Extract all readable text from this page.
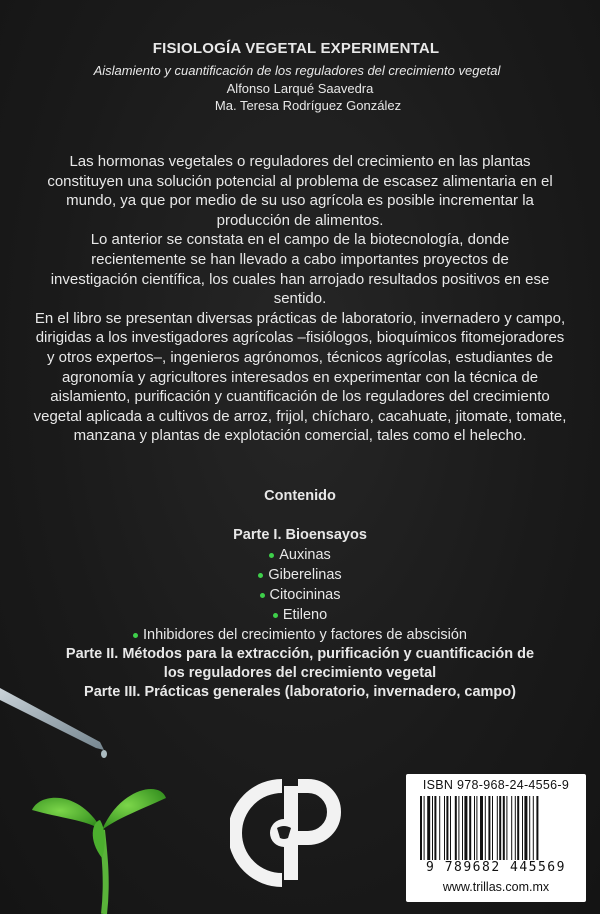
FISIOLOGÍA VEGETAL EXPERIMENTAL
Aislamiento y cuantificación de los reguladores del crecimiento vegetal
Alfonso Larqué Saavedra
Ma. Teresa Rodríguez González

Las hormonas vegetales o reguladores del crecimiento en las plantas constituyen una solución potencial al problema de escasez alimentaria en el mundo, ya que por medio de su uso agrícola es posible incrementar la producción de alimentos.

Lo anterior se constata en el campo de la biotecnología, donde recientemente se han llevado a cabo importantes proyectos de investigación científica, los cuales han arrojado resultados positivos en ese sentido.

En el libro se presentan diversas prácticas de laboratorio, invernadero y campo, dirigidas a los investigadores agrícolas –fisiólogos, bioquímicos fitomejoradores y otros expertos–, ingenieros agrónomos, técnicos agrícolas, estudiantes de agronomía y agricultores interesados en experimentar con la técnica de aislamiento, purificación y cuantificación de los reguladores del crecimiento vegetal aplicada a cultivos de arroz, frijol, chícharo, cacahuate, jitomate, tomate, manzana y plantas de explotación comercial, tales como el helecho.

Contenido
Parte I. Bioensayos
Auxinas
Giberelinas
Citocininas
Etileno
Inhibidores del crecimiento y factores de abscisión
Parte II. Métodos para la extracción, purificación y cuantificación de los reguladores del crecimiento vegetal
Parte III. Prácticas generales (laboratorio, invernadero, campo)
ISBN 978-968-24-4556-9
9 789682 445569
www.trillas.com.mx
